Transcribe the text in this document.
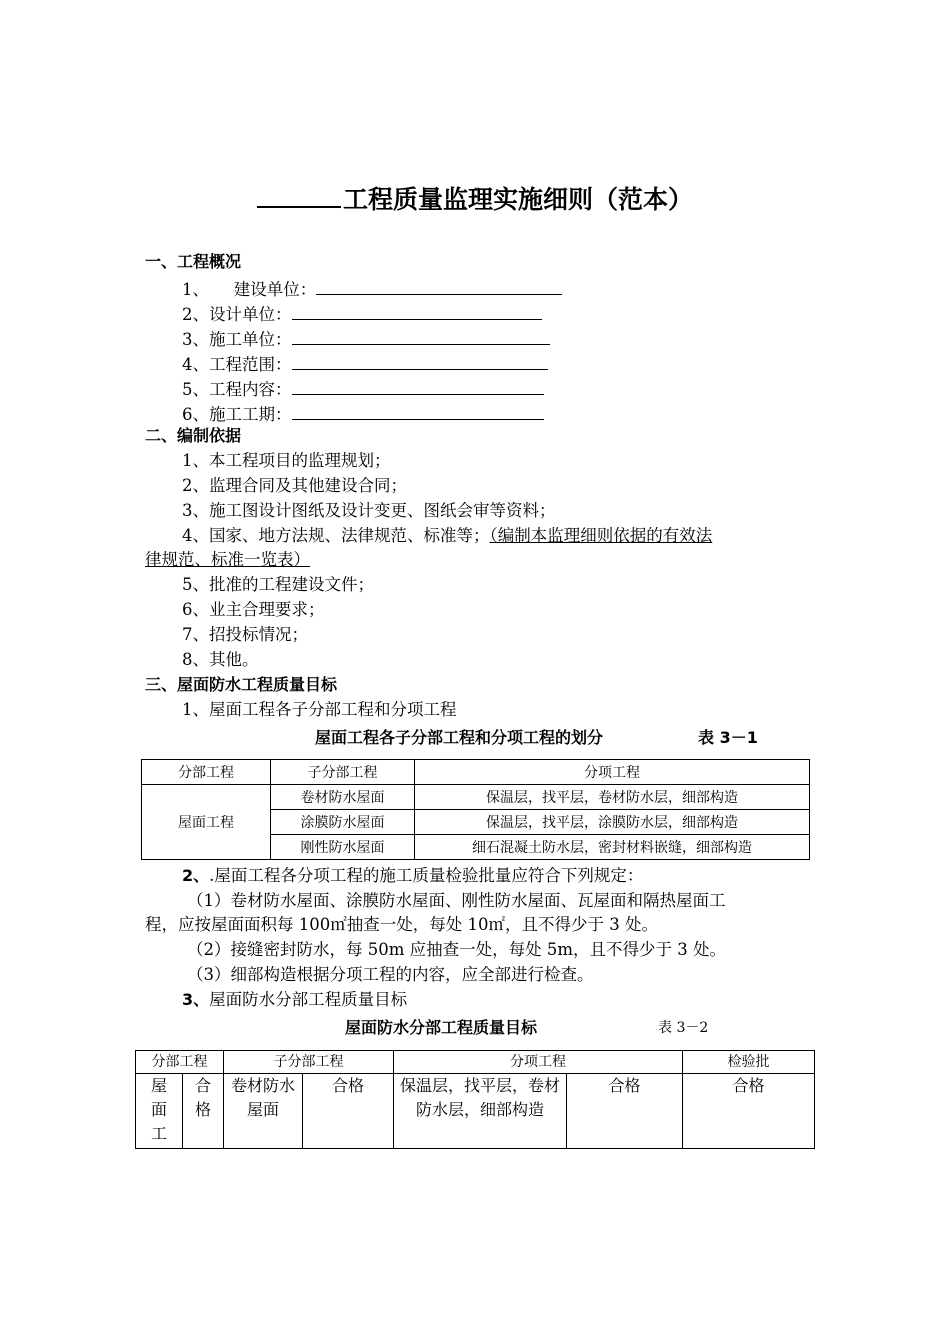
工程质量监理实施细则（范本）
一、工程概况
1、　　建设单位：
2、设计单位：
3、施工单位：
4、工程范围：
5、工程内容：
6、施工工期：
二、编制依据
1、本工程项目的监理规划；
2、监理合同及其他建设合同；
3、施工图设计图纸及设计变更、图纸会审等资料；
4、国家、地方法规、法律规范、标准等；（编制本监理细则依据的有效法
律规范、标准一览表）
5、批准的工程建设文件；
6、业主合理要求；
7、招投标情况；
8、其他。
三、屋面防水工程质量目标
1、屋面工程各子分部工程和分项工程
屋面工程各子分部工程和分项工程的划分	表 3－1
分部工程	子分部工程	分项工程
屋面工程	卷材防水屋面	保温层，找平层，卷材防水层，细部构造
	涂膜防水屋面	保温层，找平层，涂膜防水层，细部构造
	刚性防水屋面	细石混凝土防水层，密封材料嵌缝，细部构造
2、.屋面工程各分项工程的施工质量检验批量应符合下列规定：
（1）卷材防水屋面、涂膜防水屋面、刚性防水屋面、瓦屋面和隔热屋面工
程，应按屋面面积每 100㎡抽查一处，每处 10㎡，且不得少于 3 处。
（2）接缝密封防水，每 50m 应抽查一处，每处 5m，且不得少于 3 处。
（3）细部构造根据分项工程的内容，应全部进行检查。
3、屋面防水分部工程质量目标
屋面防水分部工程质量目标	表 3－2
分部工程		子分部工程		分项工程		检验批

屋面工	合格	卷材防水屋面	合格	保温层，找平层，卷材防水层，细部构造	合格	合格
